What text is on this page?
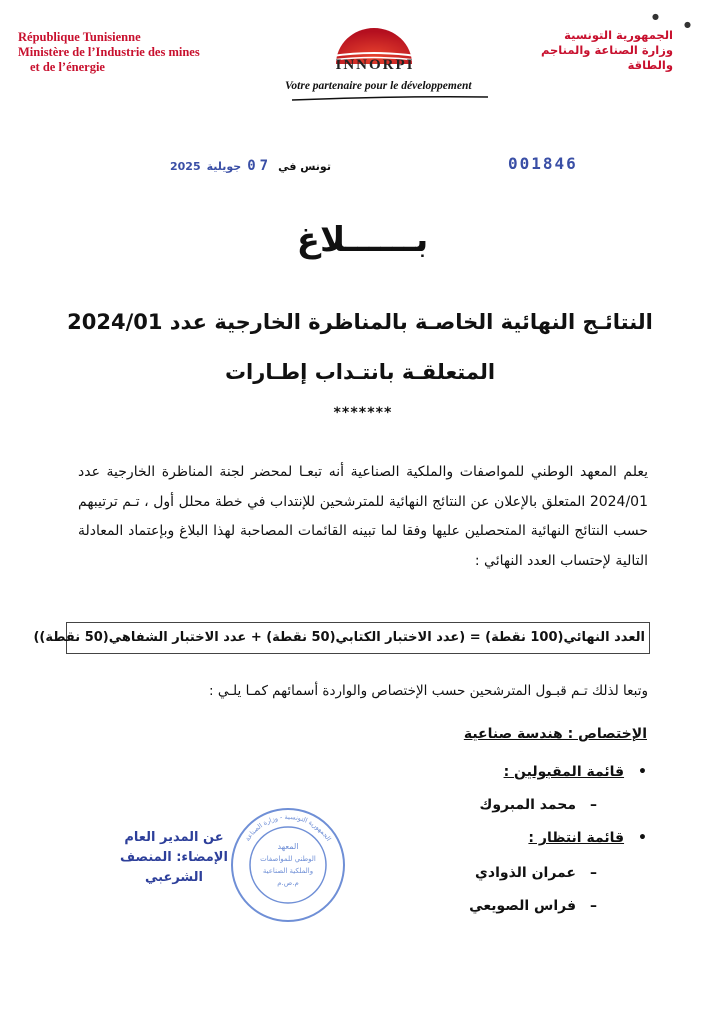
République Tunisienne
Ministère de l’Industrie des mines
et de l’énergie
الجمهورية التونسية
وزارة الصناعة والمناجم
والطاقة
INNORPI
Votre partenaire pour le développement
●
●
001846
تونس في
07
جويلية
2025
بــــــلاغ
النتائـج النهائية الخاصـة بالمناظرة الخارجية عدد 2024/01
المتعلقـة بانتـداب إطـارات
*******
يعلم المعهد الوطني للمواصفات والملكية الصناعية أنه تبعـا لمحضر لجنة المناظرة الخارجية عدد 2024/01 المتعلق بالإعلان عن النتائج النهائية للمترشحين للإنتداب في خطة محلل أول ، تـم ترتيبهم حسب النتائج النهائية المتحصلين عليها وفقا لما تبينه القائمات المصاحبة لهذا البلاغ وبإعتماد المعادلة التالية لإحتساب العدد النهائي :
العدد النهائي(100 نقطة) = (عدد الاختبار الكتابي(50 نقطة) + عدد الاختبار الشفاهي(50 نقطة))
وتبعا لذلك تـم قبـول المترشحين حسب الإختصاص والواردة أسمائهم كمـا يلـي :
الإختصاص : هندسة صناعية
•
قائمة المقبولين :
–
محمد المبروك
•
قائمة انتظار :
–
عمران الذوادي
–
فراس الصويعي
عن المدير العام
الإمضاء: المنصف الشرعبي
المعهد
الوطني للمواصفات
والملكية الصناعية
م.ص.م
الجمهورية التونسية - وزارة الصناعة
